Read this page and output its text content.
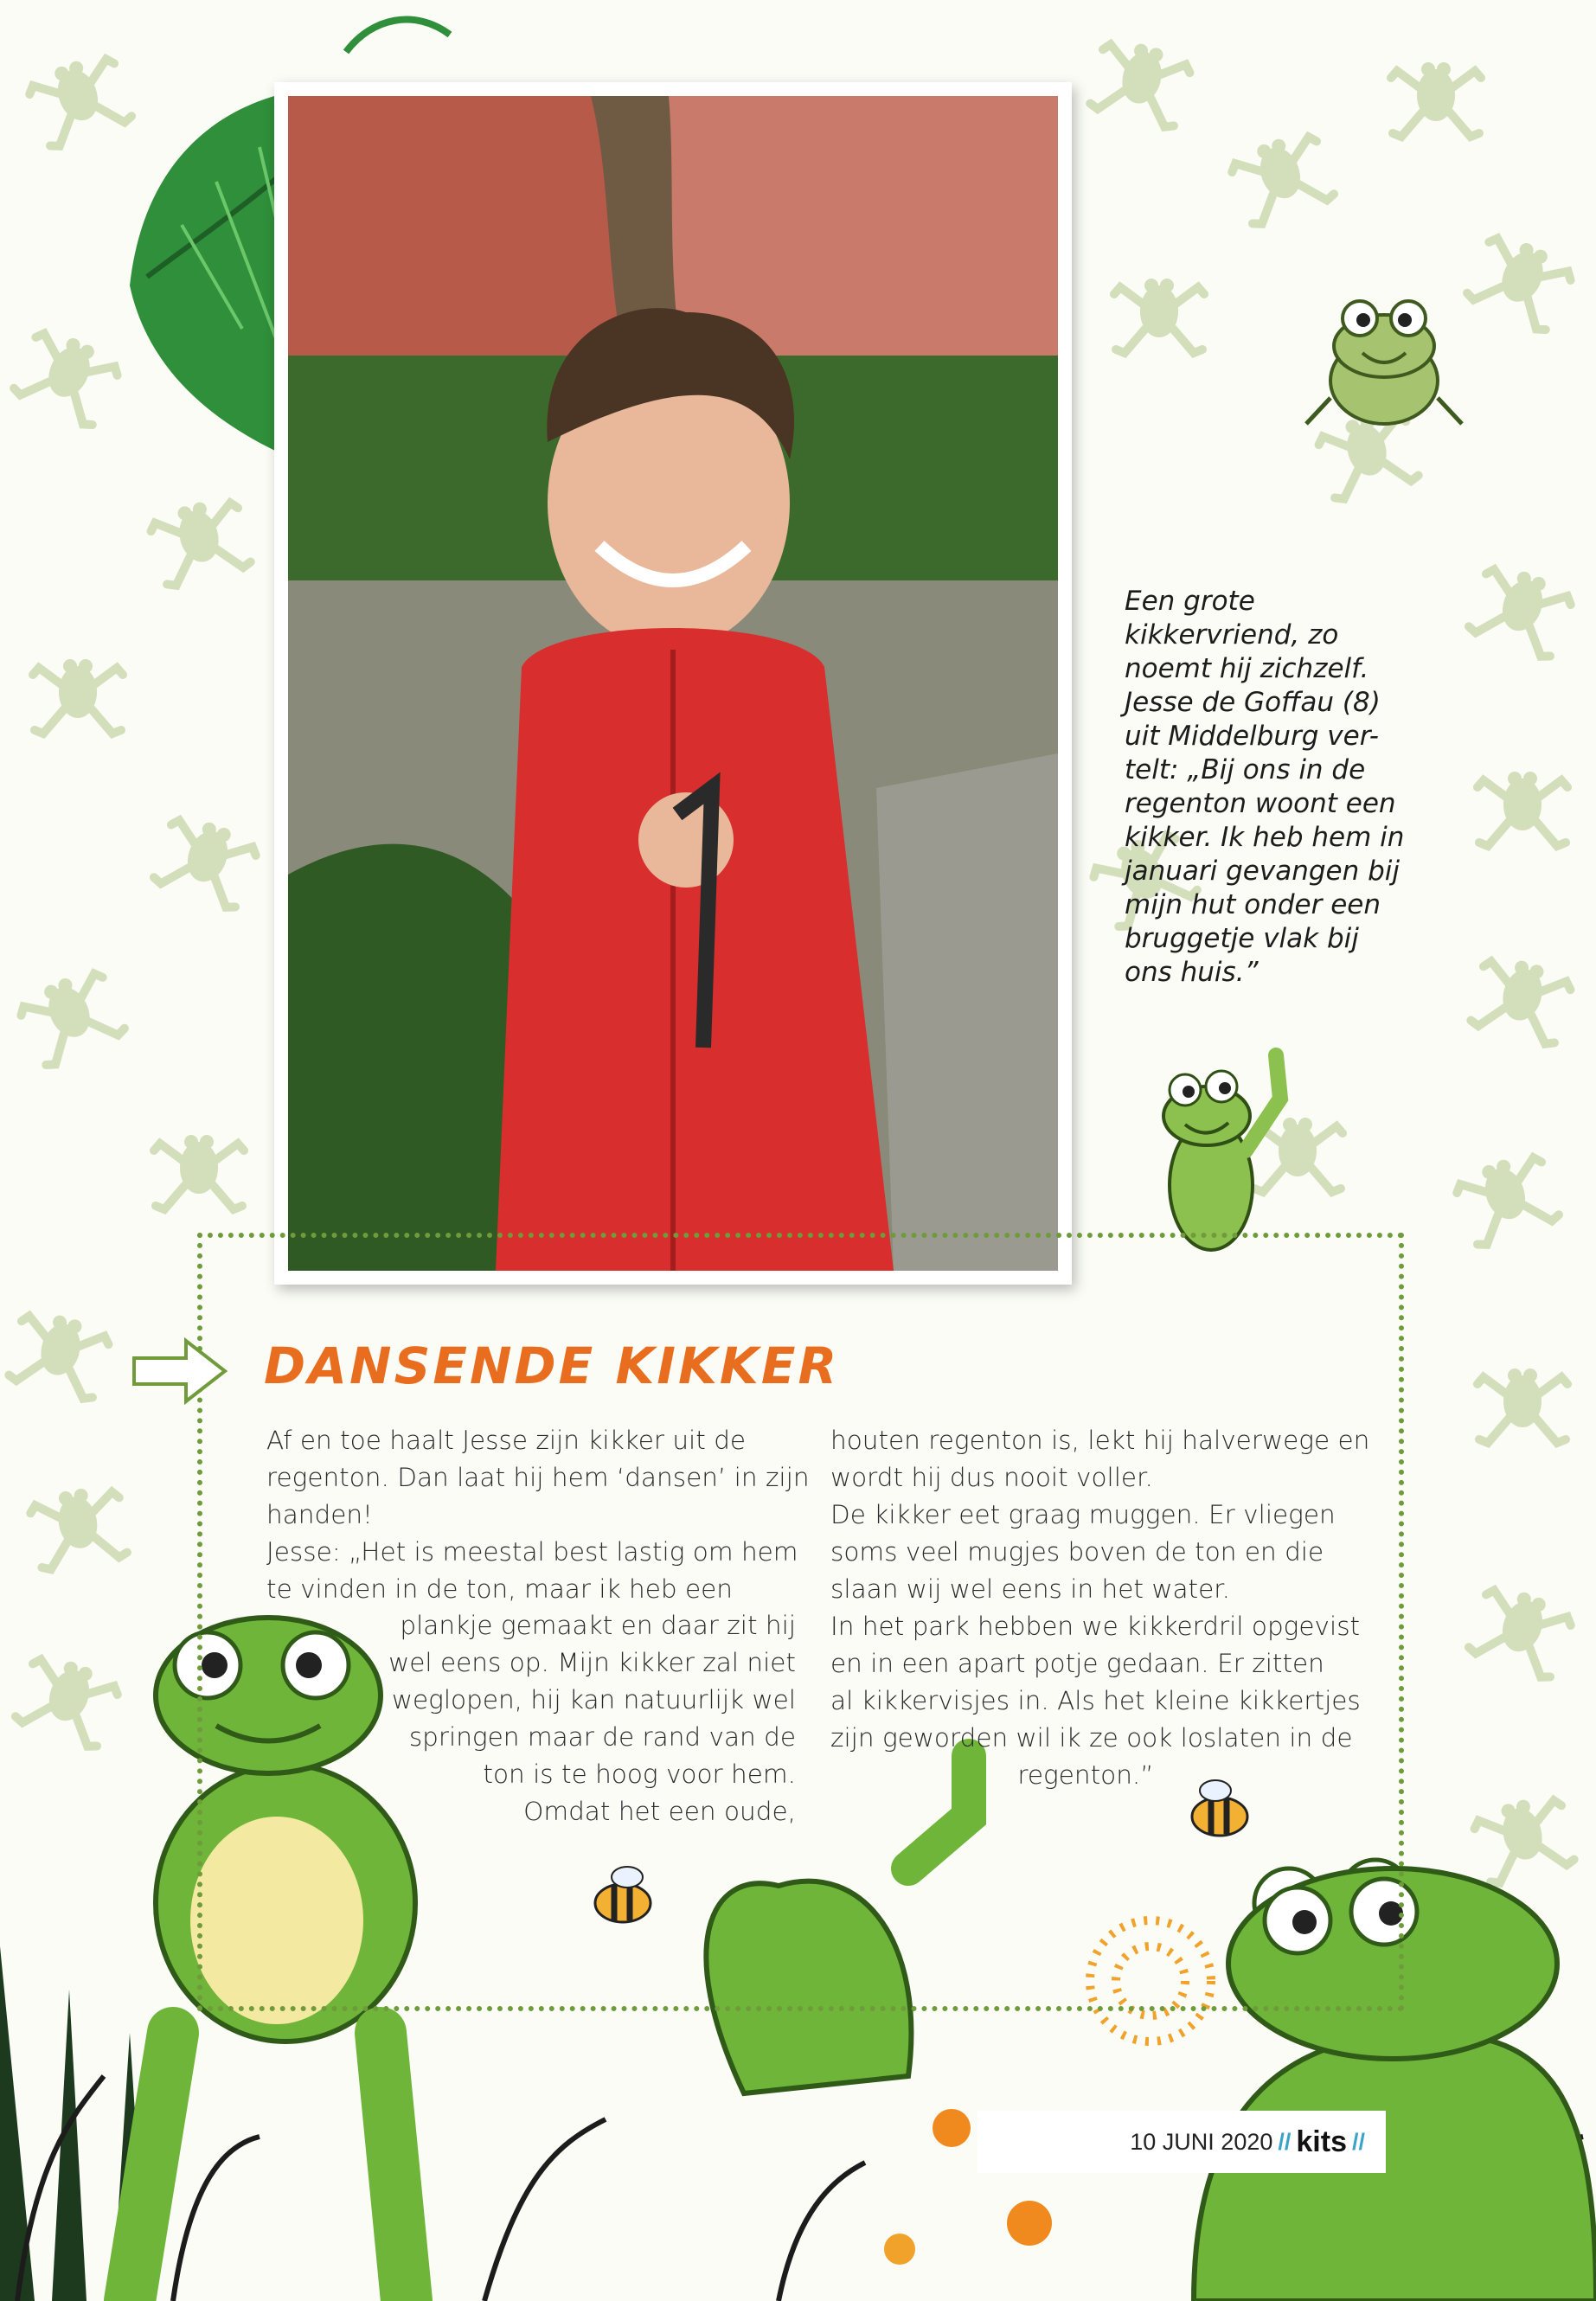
Een grote
kikkervriend, zo
noemt hij zichzelf.
Jesse de Goffau (8)
uit Middelburg ver-
telt: „Bij ons in de
regenton woont een
kikker. Ik heb hem in
januari gevangen bij
mijn hut onder een
bruggetje vlak bij
ons huis.”
DANSENDE KIKKER
Af en toe haalt Jesse zijn kikker uit de
regenton. Dan laat hij hem ‘dansen’ in zijn
handen!
Jesse: „Het is meestal best lastig om hem
te vinden in de ton, maar ik heb een
plankje gemaakt en daar zit hij
wel eens op. Mijn kikker zal niet
weglopen, hij kan natuurlijk wel
springen maar de rand van de
ton is te hoog voor hem.
Omdat het een oude,
houten regenton is, lekt hij halverwege en
wordt hij dus nooit voller.
De kikker eet graag muggen. Er vliegen
soms veel mugjes boven de ton en die
slaan wij wel eens in het water.
In het park hebben we kikkerdril opgevist
en in een apart potje gedaan. Er zitten
al kikkervisjes in. Als het kleine kikkertjes
zijn geworden wil ik ze ook loslaten in de
regenton.”
10 JUNI 2020 // kits //
